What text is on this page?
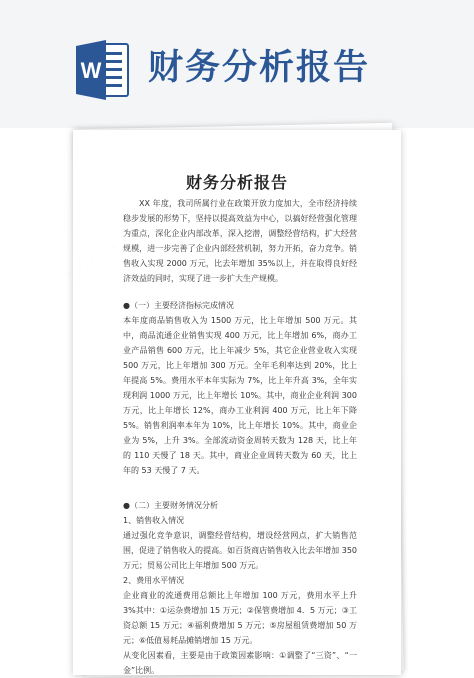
W 财务分析报告
· · · · · ·
· · · · · ·
财务分析报告

XX 年度，我司所属行业在政策开放力度加大，全市经济持续稳步发展的形势下，坚持以提高效益为中心，以搞好经营强化管理为重点，深化企业内部改革，深入挖潜，调整经营结构，扩大经营规模，进一步完善了企业内部经营机制，努力开拓，奋力竞争。销售收入实现 2000 万元，比去年增加 35%以上，并在取得良好经济效益的同时，实现了进一步扩大生产规模。

●（一）主要经济指标完成情况

本年度商品销售收入为 1500 万元，比上年增加 500 万元。其中，商品流通企业销售实现 400 万元，比上年增加 6%，商办工业产品销售 600 万元，比上年减少 5%，其它企业营业收入实现 500 万元，比上年增加 300 万元。全年毛利率达到 20%，比上年提高 5%。费用水平本年实际为 7%，比上年升高 3%，全年实现利润 1000 万元，比上年增长 10%。其中，商业企业利润 300 万元，比上年增长 12%，商办工业利润 400 万元，比上年下降 5%。销售利润率本年为 10%，比上年增长 10%。其中，商业企业为 5%，上升 3%。全部流动资金周转天数为 128 天，比上年的 110 天慢了 18 天。其中，商业企业周转天数为 60 天，比上年的 53 天慢了 7 天。

●（二）主要财务情况分析

1、销售收入情况

通过强化竞争意识，调整经营结构，增设经营网点，扩大销售范围，促进了销售收入的提高。如百货商店销售收入比去年增加 350 万元；贸易公司比上年增加 500 万元。

2、费用水平情况

企业商业的流通费用总额比上年增加 100 万元，费用水平上升 3%其中：①运杂费增加 15 万元；②保管费增加 4．5 万元；③工资总额 15 万元；④福利费增加 5 万元；⑤房屋租赁费增加 50 万元；⑥低值易耗品摊销增加 15 万元。

从变化因素看，主要是由于政策因素影响：①调整了“三资”、“一金”比例。
